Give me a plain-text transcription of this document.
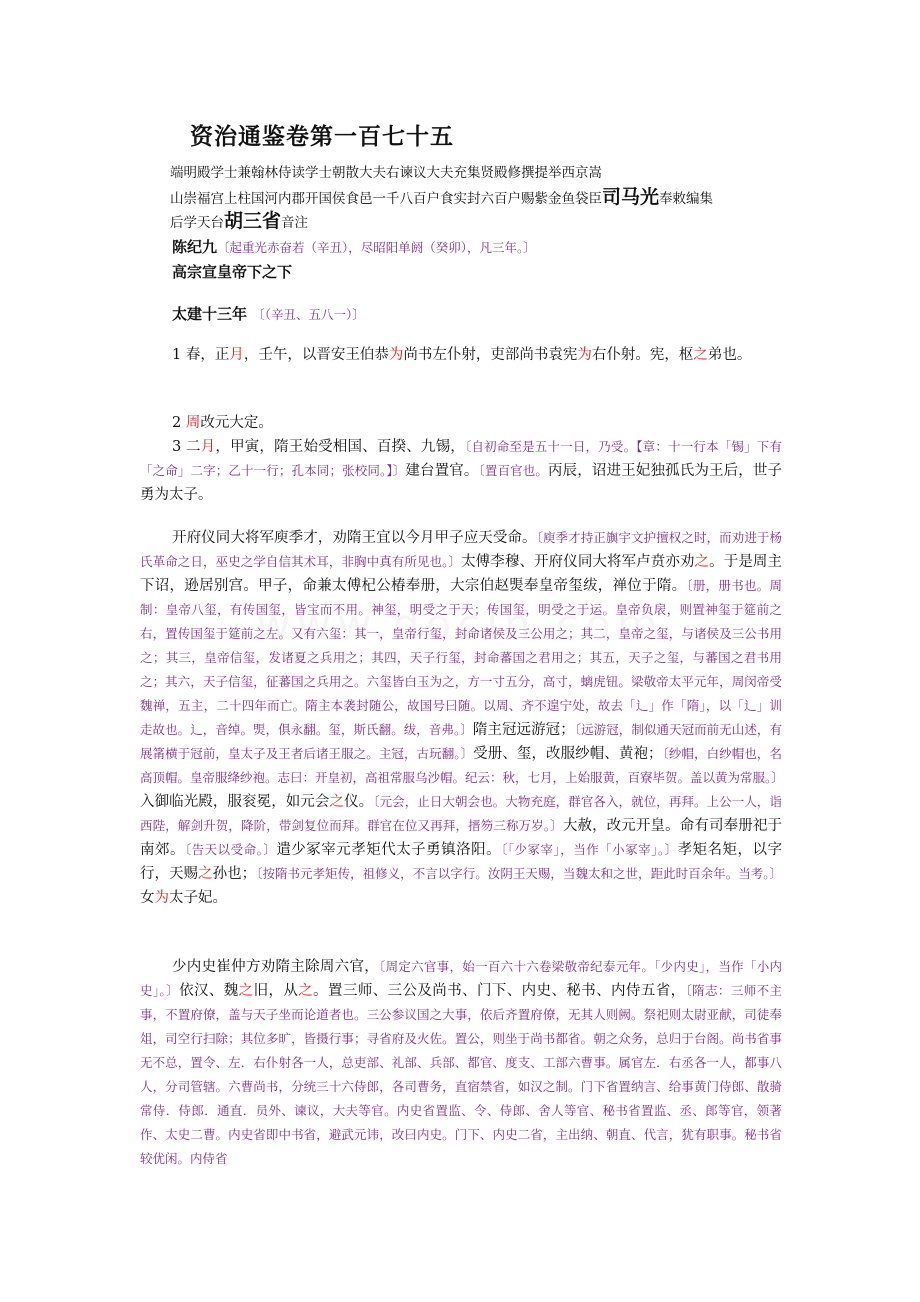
资治通鉴卷第一百七十五
端明殿学士兼翰林侍读学士朝散大夫右谏议大夫充集贤殿修撰提举西京嵩
山崇福宫上柱国河内郡开国侯食邑一千八百户食实封六百户赐紫金鱼袋臣司马光奉敕编集
后学天台胡三省音注
陈纪九〔起重光赤奋若（辛丑），尽昭阳单阏（癸卯），凡三年。〕
高宗宣皇帝下之下
太建十三年 〔（辛丑、五八一）〕

1 春，正月，壬午，以晋安王伯恭为尚书左仆射，吏部尚书袁宪为右仆射。宪，枢之弟也。

2 周改元大定。

3 二月，甲寅，隋王始受相国、百揆、九锡，〔自初命至是五十一日，乃受。【章：十一行本「锡」下有「之命」二字；乙十一行；孔本同；张校同。】〕建台置官。〔置百官也。丙辰，诏进王妃独孤氏为王后，世子勇为太子。

开府仪同大将军庾季才，劝隋王宜以今月甲子应天受命。〔庾季才持正旟宇文护擅权之时，而劝进于杨氏革命之日，巫史之学自信其术耳，非胸中真有所见也。〕太傅李穆、开府仪同大将军卢贲亦劝之。于是周主下诏，逊居别宫。甲子，命兼太傅杞公椿奉册，大宗伯赵煚奉皇帝玺绂，禅位于隋。〔册，册书也。周制：皇帝八玺，有传国玺，皆宝而不用。神玺，明受之于天；传国玺，明受之于运。皇帝负扆，则置神玺于筵前之右，置传国玺于筵前之左。又有六玺：其一，皇帝行玺，封命诸侯及三公用之；其二，皇帝之玺，与诸侯及三公书用之；其三，皇帝信玺，发诸夏之兵用之；其四，天子行玺，封命蕃国之君用之；其五，天子之玺，与蕃国之君书用之；其六，天子信玺，征蕃国之兵用之。六玺皆白玉为之，方一寸五分，高寸，螭虎钮。梁敬帝太平元年，周闵帝受魏禅，五主，二十四年而亡。隋主本袭封随公，故国号曰随。以周、齐不遑宁处，故去「辶」作「隋」，以「辶」训走故也。辶，音绰。煚，俱永翻。玺，斯氏翻。绂，音弗。〕隋主冠远游冠；〔远游冠，制似通天冠而前无山述，有展筩横于冠前，皇太子及王者后诸王服之。主冠，古玩翻。〕受册、玺，改服纱帽、黄袍；〔纱帽，白纱帽也，名高顶帽。皇帝服绛纱袍。志曰：开皇初，高祖常服乌沙帽。纪云：秋，七月，上始服黄，百寮毕贺。盖以黄为常服。〕入御临光殿，服衮冕，如元会之仪。〔元会，止日大朝会也。大物充庭，群官各入，就位，再拜。上公一人，诣西陛，解剑升贺，降阶，带剑复位而拜。群官在位又再拜，搢笏三称万岁。〕大赦，改元开皇。命有司奉册祀于南郊。〔告天以受命。〕遣少冢宰元孝矩代太子勇镇洛阳。〔「少冢宰」，当作「小冢宰」。〕孝矩名矩，以字行，天赐之孙也；〔按隋书元孝矩传，祖修义，不言以字行。汝阴王天赐，当魏太和之世，距此时百余年。当考。〕女为太子妃。

少内史崔仲方劝隋主除周六官，〔周定六官事，始一百六十六卷梁敬帝纪泰元年。「少内史」，当作「小内史」。〕依汉、魏之旧，从之。置三师、三公及尚书、门下、内史、秘书、内侍五省，〔隋志：三师不主事，不置府僚，盖与天子坐而论道者也。三公参议国之大事，依后齐置府僚，无其人则阙。祭祀则太尉亚献，司徒奉俎，司空行扫除；其位多旷，皆摄行事；寻省府及火佐。置公，则坐于尚书都省。朝之众务，总归于台阁。尚书省事无不总，置令、左．右仆射各一人，总吏部、礼部、兵部、都官、度支、工部六曹事。属官左．右丞各一人，都事八人，分司管辖。六曹尚书，分统三十六侍郎，各司曹务，直宿禁省，如汉之制。门下省置纳言、给事黄门侍郎、散骑常侍．侍郎．通直．员外、谏议，大夫等官。内史省置监、令、侍郎、舍人等官、秘书省置监、丞、郎等官，领著作、太史二曹。内史省即中书省，避武元讳，改曰内史。门下、内史二省，主出纳、朝直、代言，犹有职事。秘书省较优闲。内侍省
